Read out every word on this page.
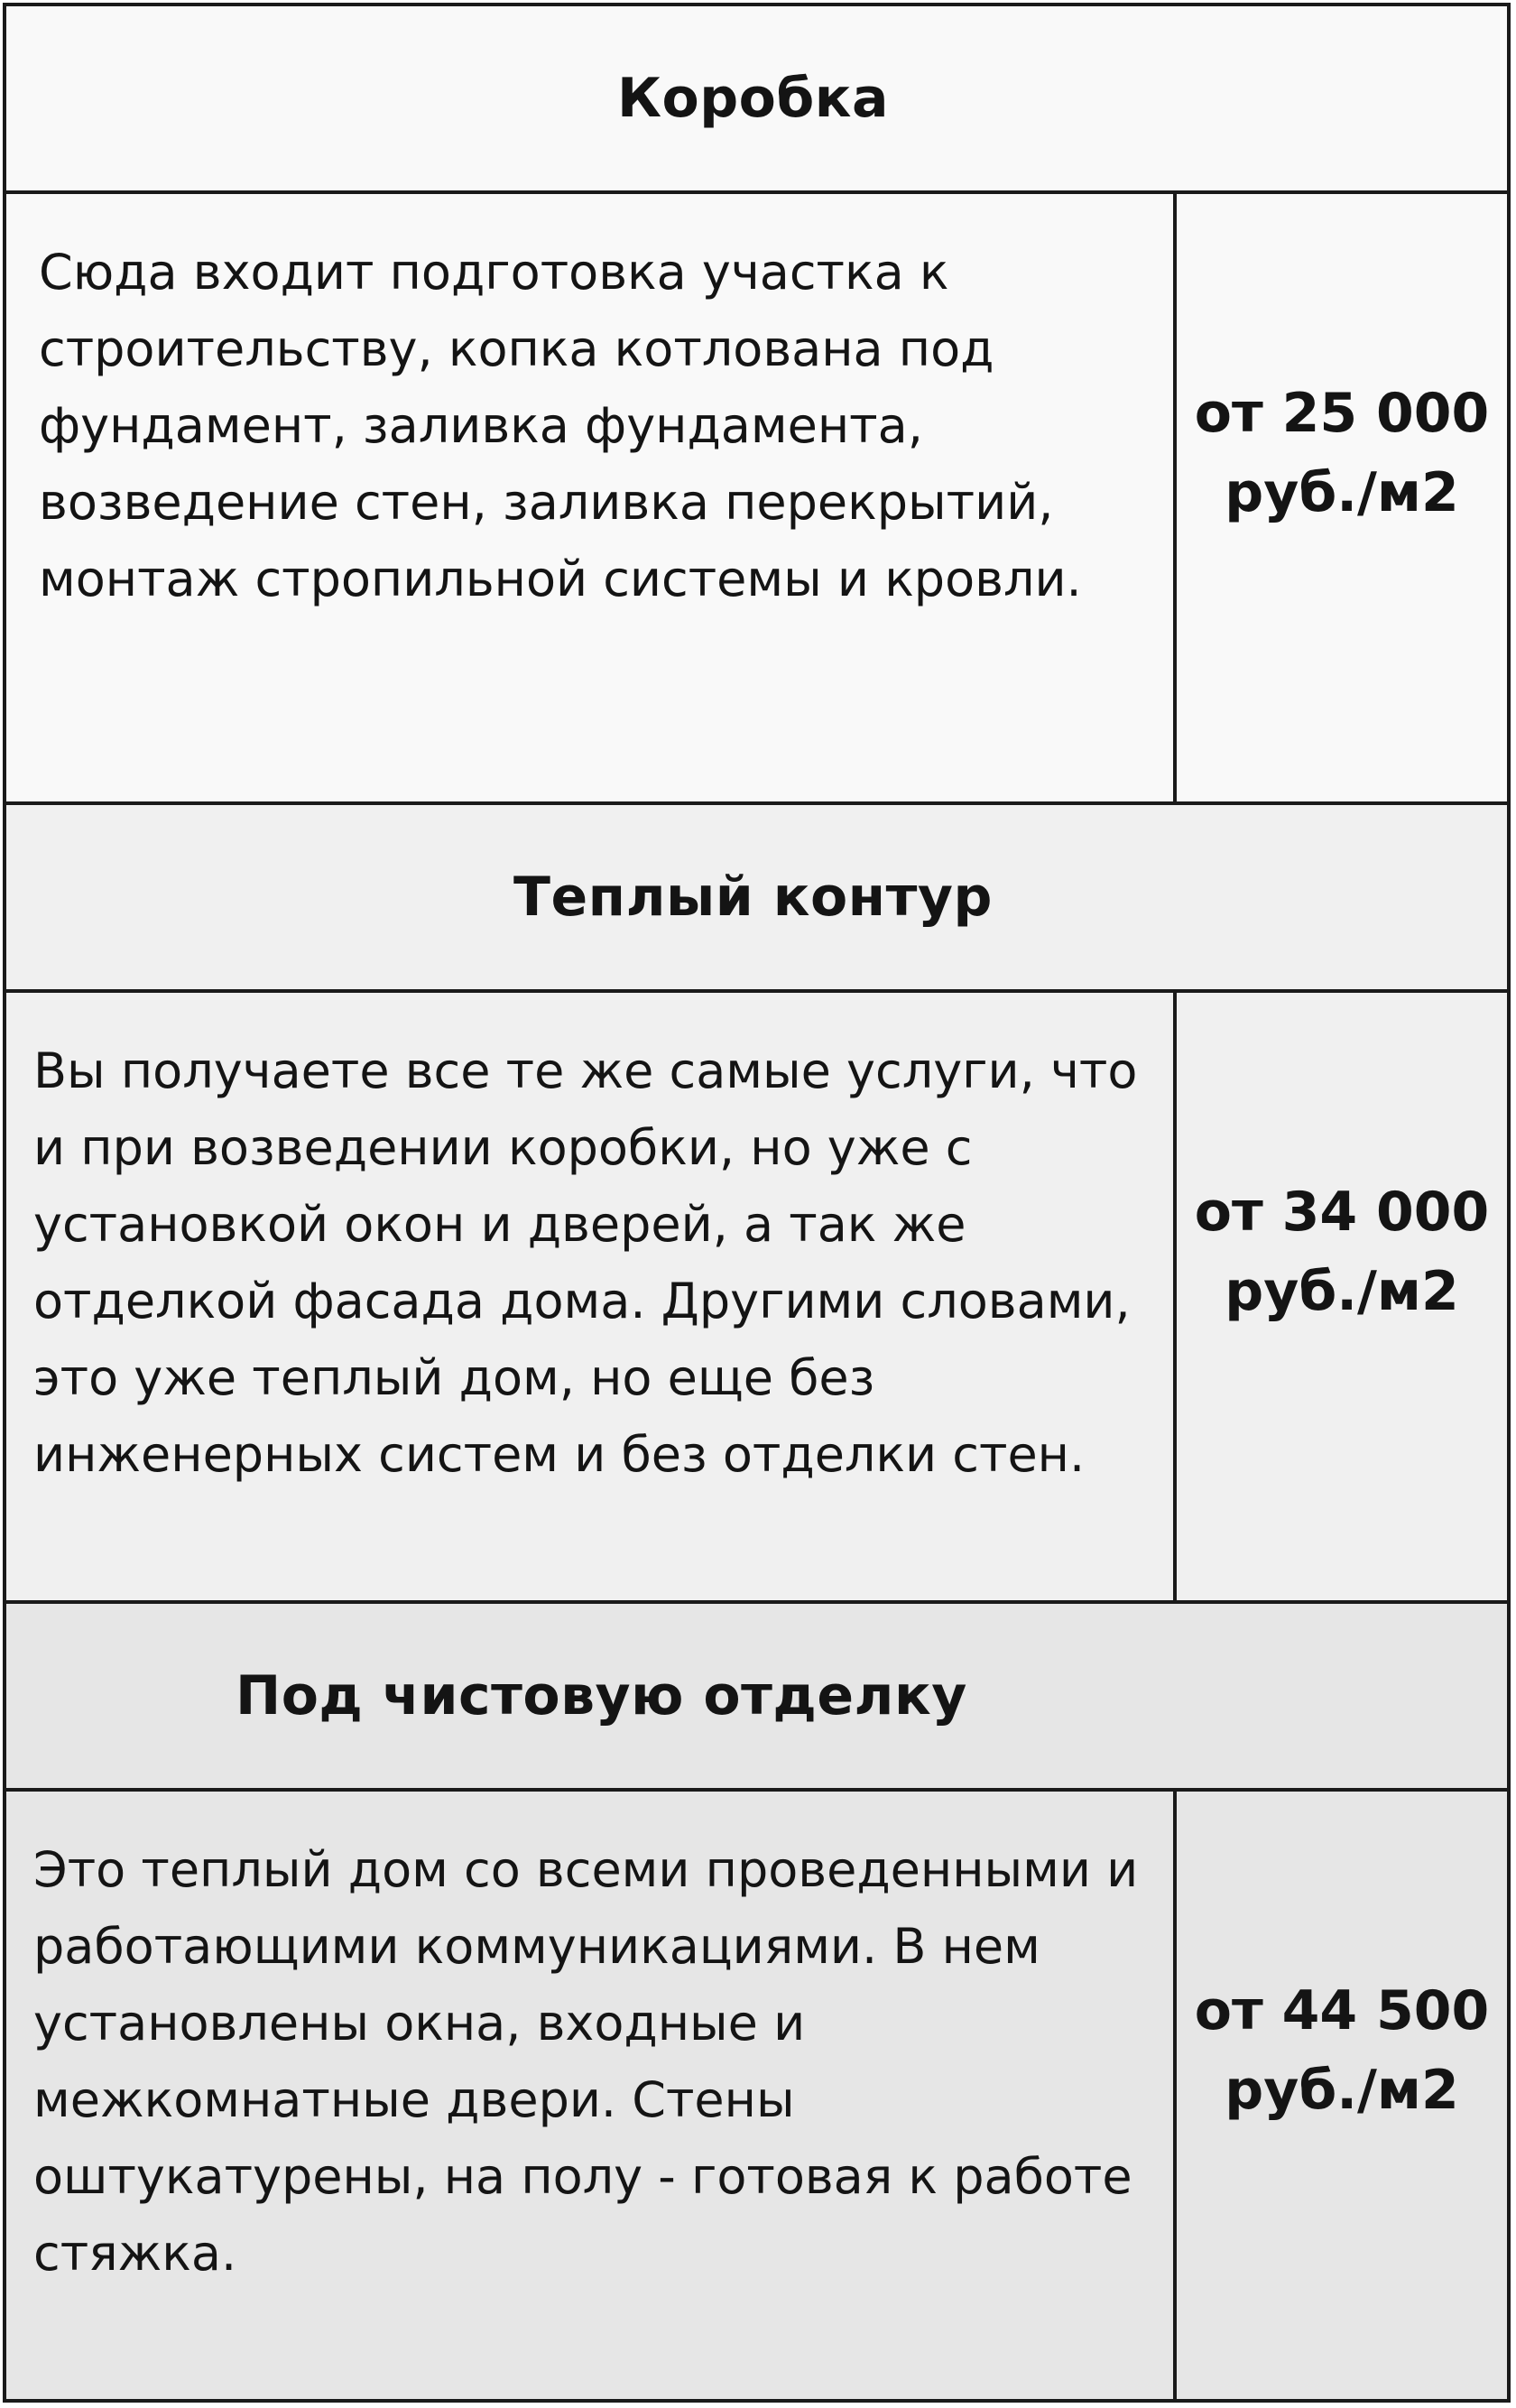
Коробка
Сюда входит подготовка участка к строительству, копка котлована под фундамент, заливка фундамента, возведение стен, заливка перекрытий, монтаж стропильной системы и кровли.
от 25 000
руб./м2
Теплый контур
Вы получаете все те же самые услуги, что и при возведении коробки, но уже с установкой окон и дверей, а так же отделкой фасада дома. Другими словами, это уже теплый дом, но еще без инженерных систем и без отделки стен.
от 34 000
руб./м2
Под чистовую отделку
Это теплый дом со всеми проведенными и работающими коммуникациями. В нем установлены окна, входные и межкомнатные двери. Стены оштукатурены, на полу - готовая к работе стяжка.
от 44 500
руб./м2
